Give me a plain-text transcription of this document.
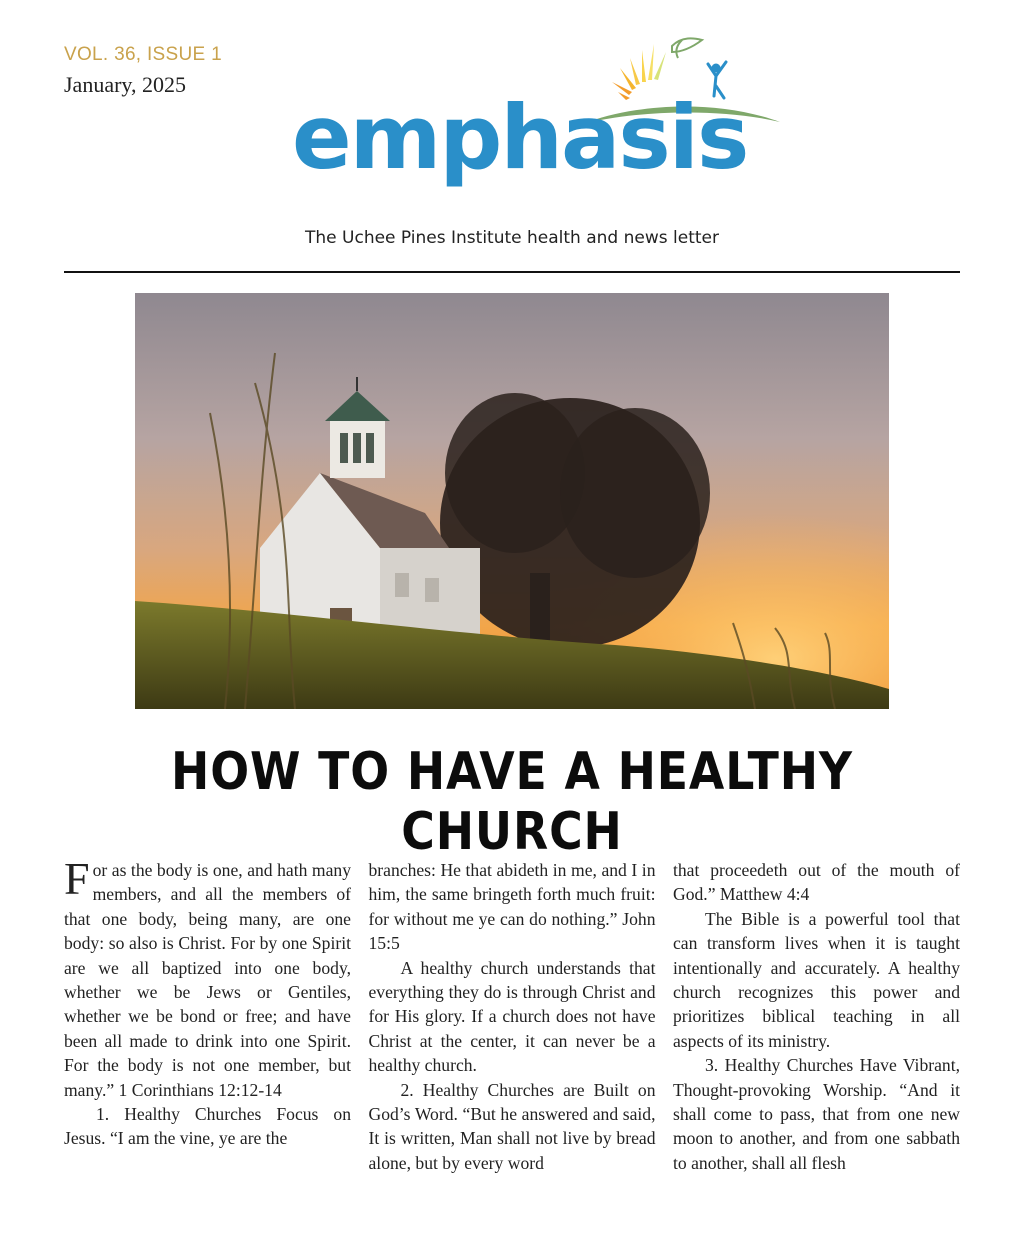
VOL. 36, ISSUE 1
January, 2025
emphasis
The Uchee Pines Institute health and news letter
HOW TO HAVE A HEALTHY CHURCH

For as the body is one, and hath many members, and all the members of that one body, being many, are one body: so also is Christ. For by one Spirit are we all baptized into one body, whether we be Jews or Gentiles, whether we be bond or free; and have been all made to drink into one Spirit. For the body is not one member, but many.” 1 Corinthians 12:12-14

1. Healthy Churches Focus on Jesus. “I am the vine, ye are the

branches: He that abideth in me, and I in him, the same bringeth forth much fruit: for without me ye can do nothing.” John 15:5

A healthy church understands that everything they do is through Christ and for His glory. If a church does not have Christ at the center, it can never be a healthy church.

2. Healthy Churches are Built on God’s Word. “But he answered and said, It is written, Man shall not live by bread alone, but by every word

that proceedeth out of the mouth of God.” Matthew 4:4

The Bible is a powerful tool that can transform lives when it is taught intentionally and accurately. A healthy church recognizes this power and prioritizes biblical teaching in all aspects of its ministry.

3. Healthy Churches Have Vibrant, Thought-provoking Worship. “And it shall come to pass, that from one new moon to another, and from one sabbath to another, shall all flesh
